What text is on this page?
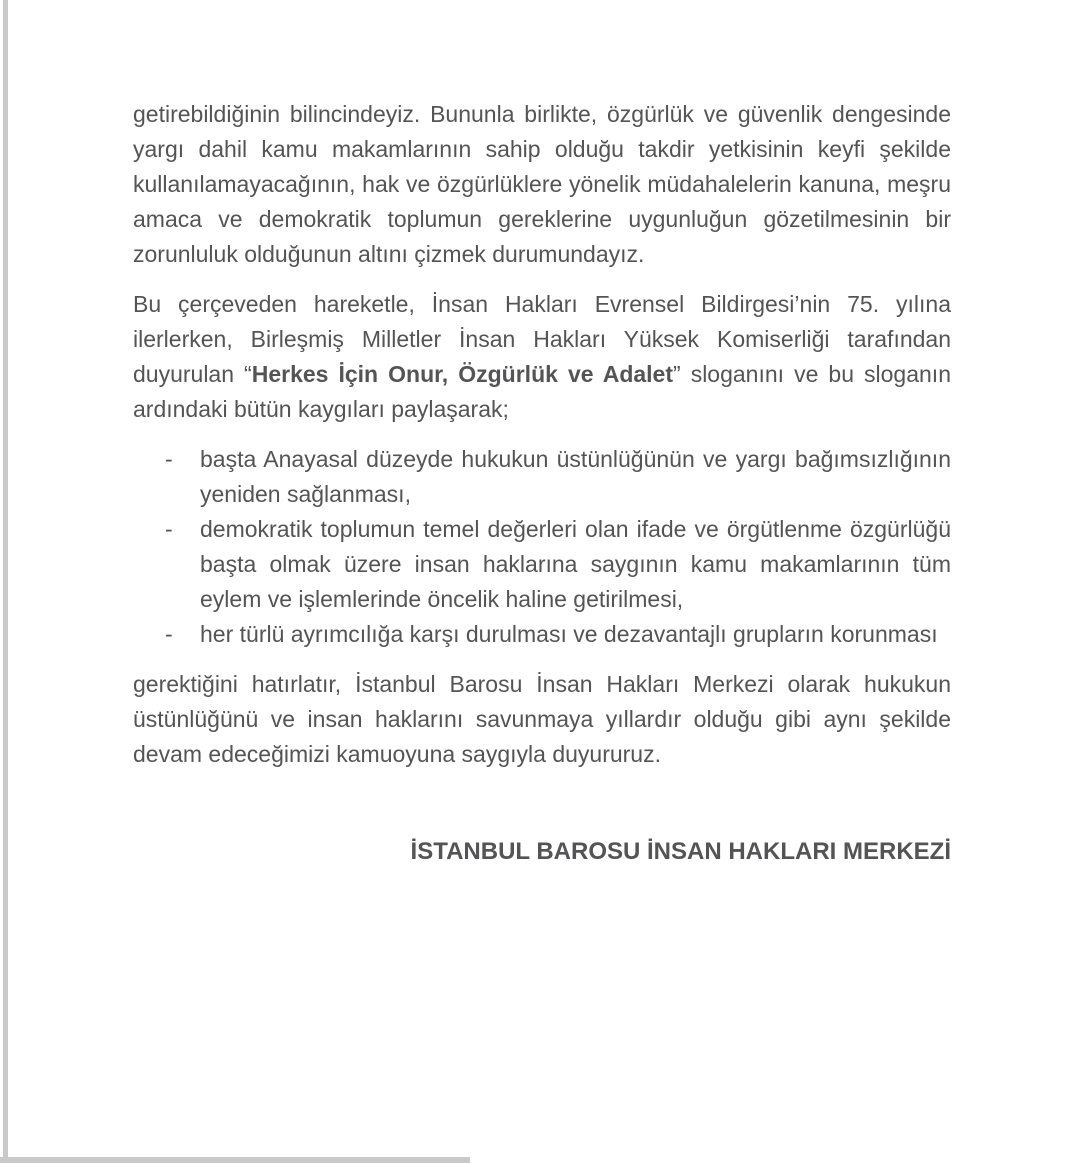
getirebildiğinin bilincindeyiz. Bununla birlikte, özgürlük ve güvenlik dengesinde yargı dahil kamu makamlarının sahip olduğu takdir yetkisinin keyfi şekilde kullanılamayacağının, hak ve özgürlüklere yönelik müdahalelerin kanuna, meşru amaca ve demokratik toplumun gereklerine uygunluğun gözetilmesinin bir zorunluluk olduğunun altını çizmek durumundayız.

Bu çerçeveden hareketle, İnsan Hakları Evrensel Bildirgesi’nin 75. yılına ilerlerken, Birleşmiş Milletler İnsan Hakları Yüksek Komiserliği tarafından duyurulan “Herkes İçin Onur, Özgürlük ve Adalet” sloganını ve bu sloganın ardındaki bütün kaygıları paylaşarak;

-	başta Anayasal düzeyde hukukun üstünlüğünün ve yargı bağımsızlığının yeniden sağlanması,
-	demokratik toplumun temel değerleri olan ifade ve örgütlenme özgürlüğü başta olmak üzere insan haklarına saygının kamu makamlarının tüm eylem ve işlemlerinde öncelik haline getirilmesi,
-	her türlü ayrımcılığa karşı durulması ve dezavantajlı grupların korunması

gerektiğini hatırlatır, İstanbul Barosu İnsan Hakları Merkezi olarak hukukun üstünlüğünü ve insan haklarını savunmaya yıllardır olduğu gibi aynı şekilde devam edeceğimizi kamuoyuna saygıyla duyururuz.

İSTANBUL BAROSU İNSAN HAKLARI MERKEZİ
